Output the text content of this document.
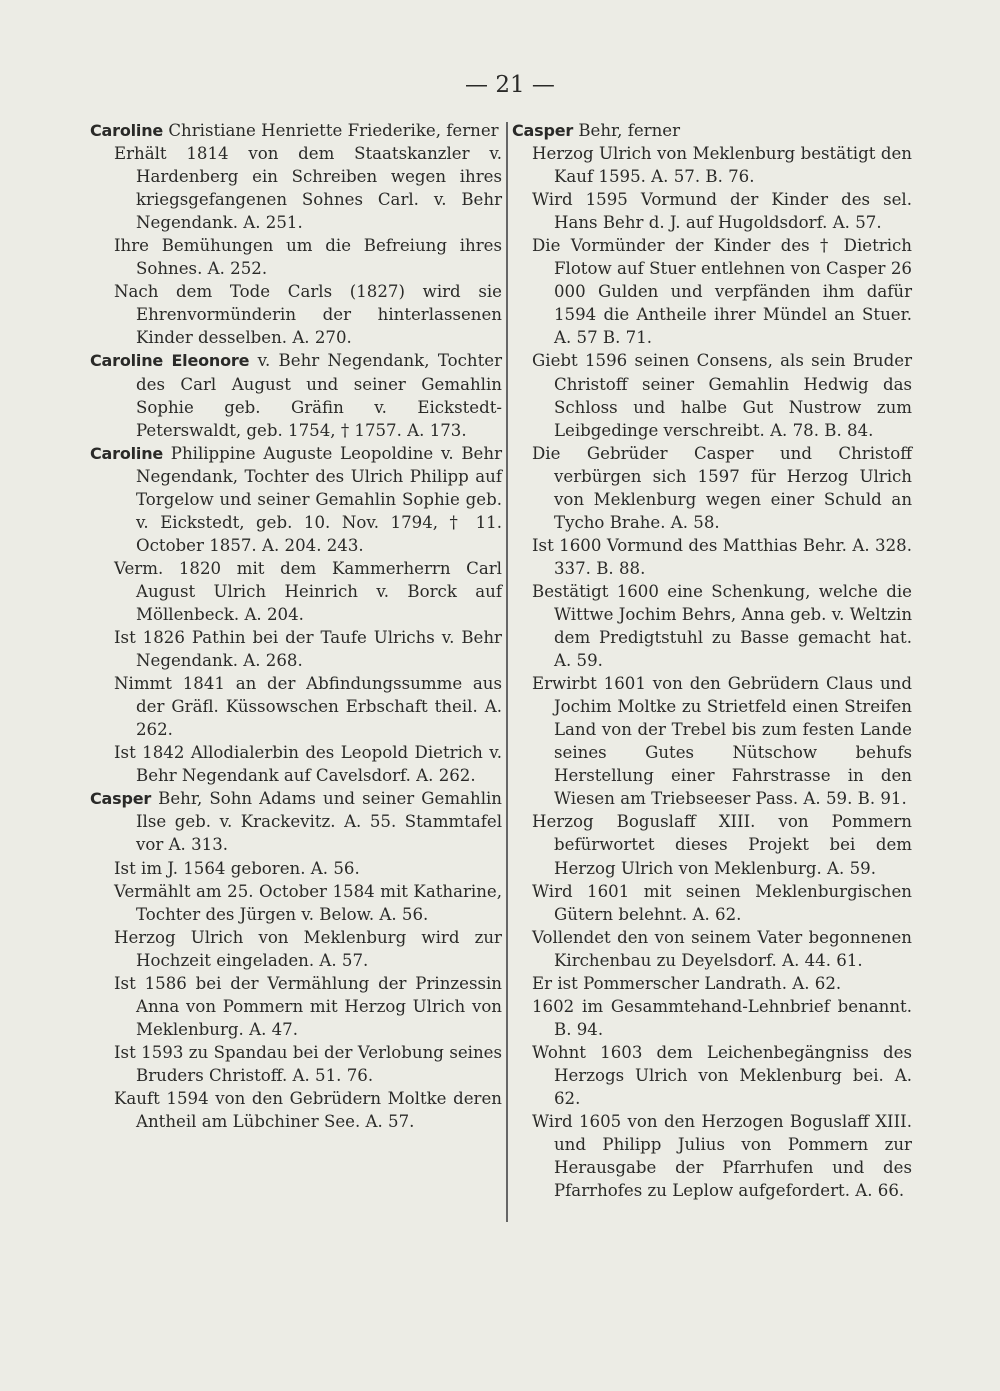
— 21 —

Caroline Christiane Henriette Friederike, ferner

Erhält 1814 von dem Staatskanzler v. Hardenberg ein Schreiben wegen ihres kriegsgefangenen Sohnes Carl. v. Behr Negendank. A. 251.

Ihre Bemühungen um die Befreiung ihres Sohnes. A. 252.

Nach dem Tode Carls (1827) wird sie Ehrenvormünderin der hinterlassenen Kinder desselben. A. 270.

Caroline Eleonore v. Behr Negendank, Tochter des Carl August und seiner Gemahlin Sophie geb. Gräfin v. Eickstedt-Peterswaldt, geb. 1754, † 1757. A. 173.

Caroline Philippine Auguste Leopoldine v. Behr Negendank, Tochter des Ulrich Philipp auf Torgelow und seiner Gemahlin Sophie geb. v. Eickstedt, geb. 10. Nov. 1794, † 11. October 1857. A. 204. 243.

Verm. 1820 mit dem Kammerherrn Carl August Ulrich Heinrich v. Borck auf Möllenbeck. A. 204.

Ist 1826 Pathin bei der Taufe Ulrichs v. Behr Negendank. A. 268.

Nimmt 1841 an der Abfindungssumme aus der Gräfl. Küssowschen Erbschaft theil. A. 262.

Ist 1842 Allodialerbin des Leopold Dietrich v. Behr Negendank auf Cavelsdorf. A. 262.

Casper Behr, Sohn Adams und seiner Gemahlin Ilse geb. v. Krackevitz. A. 55. Stammtafel vor A. 313.

Ist im J. 1564 geboren. A. 56.

Vermählt am 25. October 1584 mit Katharine, Tochter des Jürgen v. Below. A. 56.

Herzog Ulrich von Meklenburg wird zur Hochzeit eingeladen. A. 57.

Ist 1586 bei der Vermählung der Prinzessin Anna von Pommern mit Herzog Ulrich von Meklenburg. A. 47.

Ist 1593 zu Spandau bei der Verlobung seines Bruders Christoff. A. 51. 76.

Kauft 1594 von den Gebrüdern Moltke deren Antheil am Lübchiner See. A. 57.

Casper Behr, ferner

Herzog Ulrich von Meklenburg bestätigt den Kauf 1595. A. 57. B. 76.

Wird 1595 Vormund der Kinder des sel. Hans Behr d. J. auf Hugoldsdorf. A. 57.

Die Vormünder der Kinder des † Dietrich Flotow auf Stuer entlehnen von Casper 26 000 Gulden und verpfänden ihm dafür 1594 die Antheile ihrer Mündel an Stuer. A. 57 B. 71.

Giebt 1596 seinen Consens, als sein Bruder Christoff seiner Gemahlin Hedwig das Schloss und halbe Gut Nustrow zum Leibgedinge verschreibt. A. 78. B. 84.

Die Gebrüder Casper und Christoff verbürgen sich 1597 für Herzog Ulrich von Meklenburg wegen einer Schuld an Tycho Brahe. A. 58.

Ist 1600 Vormund des Matthias Behr. A. 328. 337. B. 88.

Bestätigt 1600 eine Schenkung, welche die Wittwe Jochim Behrs, Anna geb. v. Weltzin dem Predigtstuhl zu Basse gemacht hat. A. 59.

Erwirbt 1601 von den Gebrüdern Claus und Jochim Moltke zu Strietfeld einen Streifen Land von der Trebel bis zum festen Lande seines Gutes Nütschow behufs Herstellung einer Fahrstrasse in den Wiesen am Triebseeser Pass. A. 59. B. 91.

Herzog Boguslaff XIII. von Pommern befürwortet dieses Projekt bei dem Herzog Ulrich von Meklenburg. A. 59.

Wird 1601 mit seinen Meklenburgischen Gütern belehnt. A. 62.

Vollendet den von seinem Vater begonnenen Kirchenbau zu Deyelsdorf. A. 44. 61.

Er ist Pommerscher Landrath. A. 62.

1602 im Gesammtehand-Lehnbrief benannt. B. 94.

Wohnt 1603 dem Leichenbegängniss des Herzogs Ulrich von Meklenburg bei. A. 62.

Wird 1605 von den Herzogen Boguslaff XIII. und Philipp Julius von Pommern zur Herausgabe der Pfarrhufen und des Pfarrhofes zu Leplow aufgefordert. A. 66.
